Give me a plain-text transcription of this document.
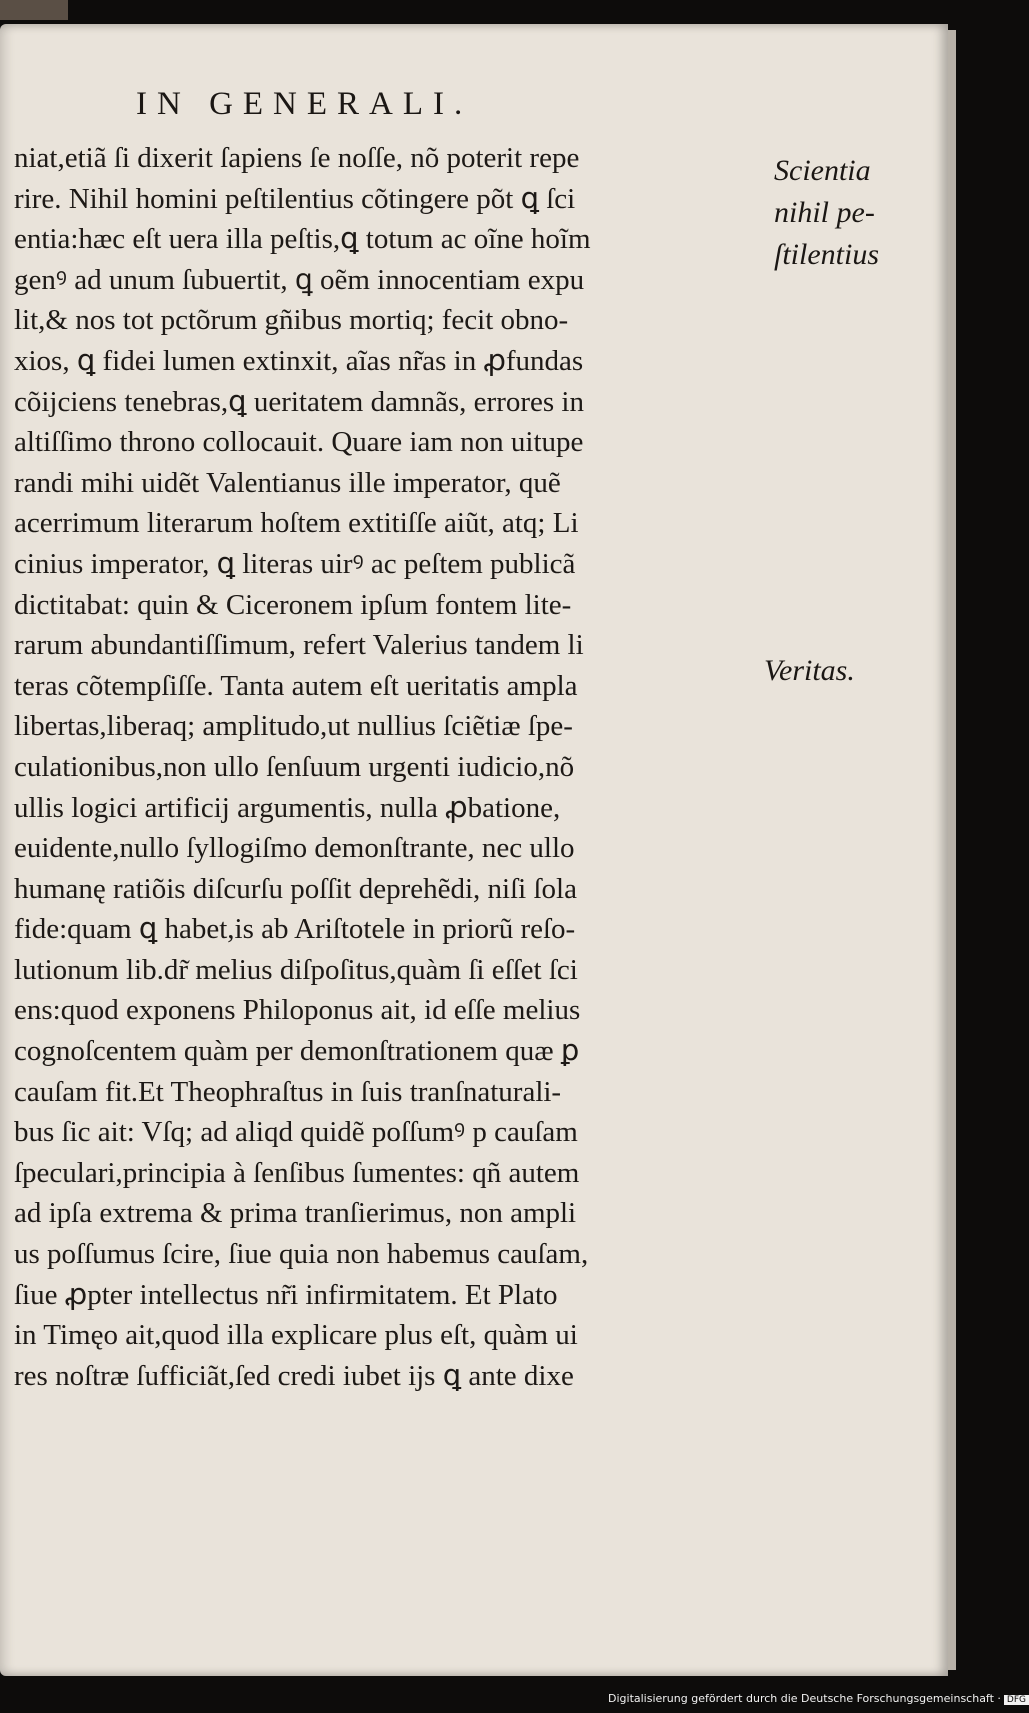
IN GENERALI.
niat,etiã ſi dixerit ſapiens ſe noſſe, nõ poterit repe
rire. Nihil homini peſtilentius cõtingere põt ꝗ ſci
entia:hæc eſt uera illa peſtis,ꝗ totum ac oĩne hoĩm
genꝰ ad unum ſubuertit, ꝗ oẽm innocentiam expu
lit,& nos tot pctõrum gñibus mortiq; fecit obno-
xios, ꝗ fidei lumen extinxit, aĩas nr̃as in ꝓfundas
cõijciens tenebras,ꝗ ueritatem damnãs, errores in
altiſſimo throno collocauit. Quare iam non uitupe
randi mihi uidẽt Valentianus ille imperator, quẽ
acerrimum literarum hoſtem extitiſſe aiũt, atq; Li
cinius imperator, ꝗ literas uirꝰ ac peſtem publicã
dictitabat: quin & Ciceronem ipſum fontem lite-
rarum abundantiſſimum, refert Valerius tandem li
teras cõtempſiſſe. Tanta autem eſt ueritatis ampla
libertas,liberaq; amplitudo,ut nullius ſciẽtiæ ſpe-
culationibus,non ullo ſenſuum urgenti iudicio,nõ
ullis logici artificij argumentis, nulla ꝓbatione,
euidente,nullo ſyllogiſmo demonſtrante, nec ullo
humanę ratiõis diſcurſu poſſit deprehẽdi, niſi ſola
fide:quam ꝗ habet,is ab Ariſtotele in priorũ reſo-
lutionum lib.dr̃ melius diſpoſitus,quàm ſi eſſet ſci
ens:quod exponens Philoponus ait, id eſſe melius
cognoſcentem quàm per demonſtrationem quæ ꝑ
cauſam fit.Et Theophraſtus in ſuis tranſnaturali-
bus ſic ait: Vſq; ad aliqd quidẽ poſſumꝰ p cauſam
ſpeculari,principia à ſenſibus ſumentes: qñ autem
ad ipſa extrema & prima tranſierimus, non ampli
us poſſumus ſcire, ſiue quia non habemus cauſam,
ſiue ꝓpter intellectus nr̃i infirmitatem. Et Plato
in Timęo ait,quod illa explicare plus eſt, quàm ui
res noſtræ ſufficiãt,ſed credi iubet ijs ꝗ ante dixe
Scientia
nihil pe-
ſtilentius
Veritas.
Digitalisierung gefördert durch die Deutsche Forschungsgemeinschaft · DFG
